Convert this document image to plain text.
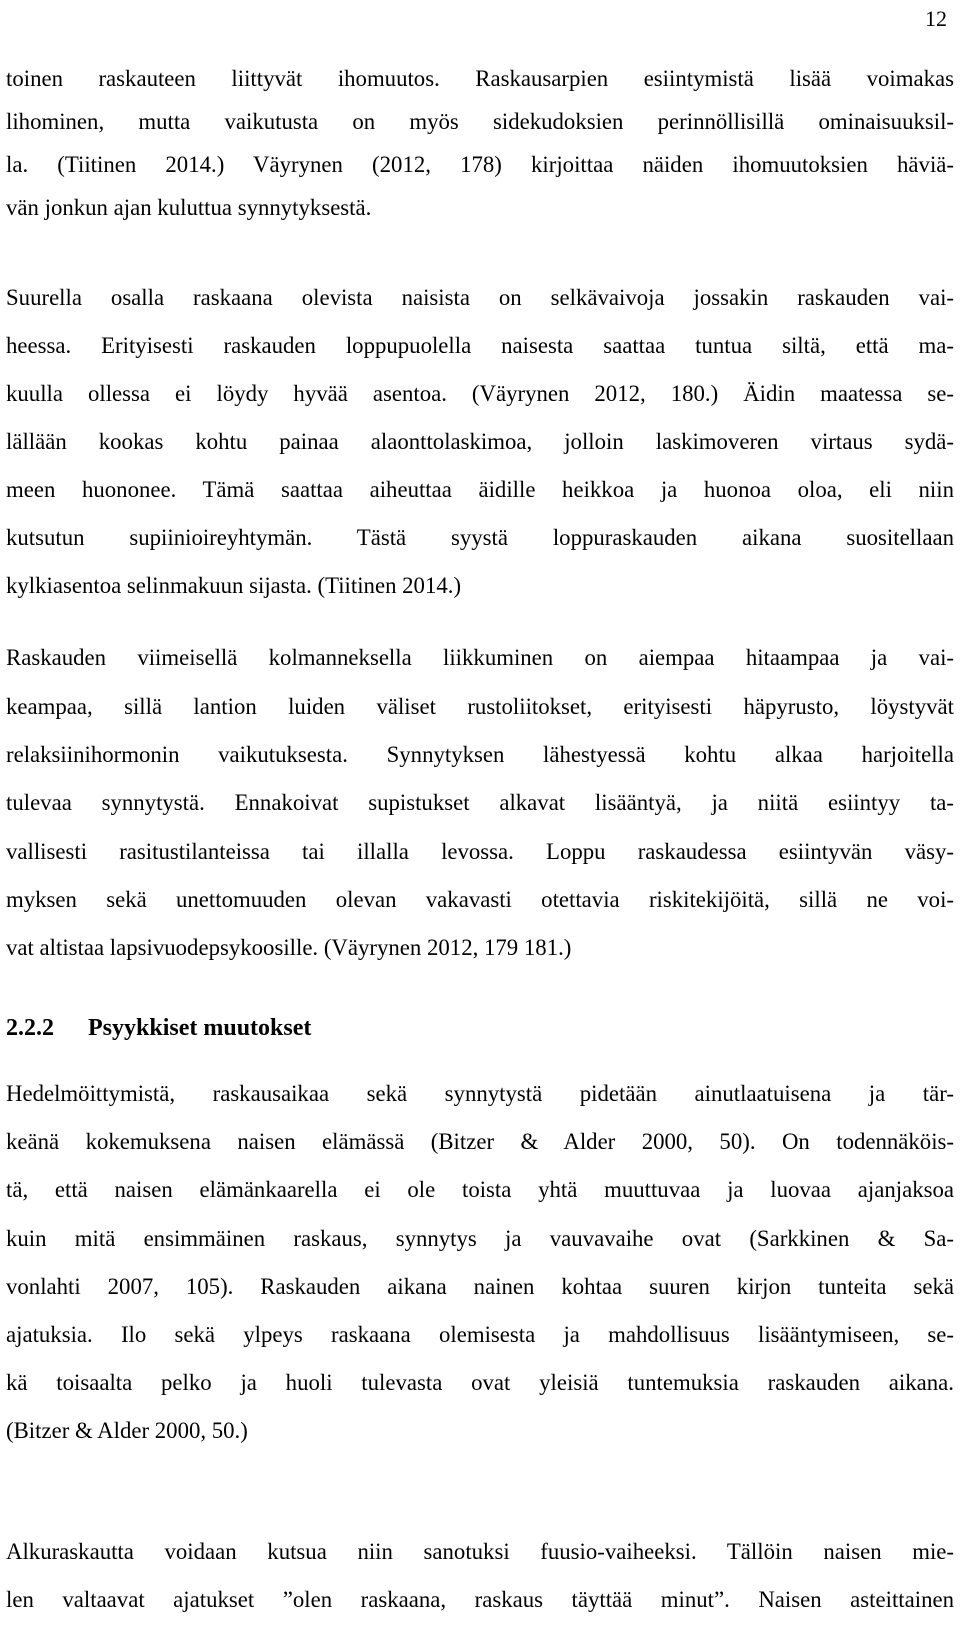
12
toinen raskauteen liittyvät ihomuutos. Raskausarpien esiintymistä lisää voimakas
lihominen, mutta vaikutusta on myös sidekudoksien perinnöllisillä ominaisuuksil-
la. (Tiitinen 2014.) Väyrynen (2012, 178) kirjoittaa näiden ihomuutoksien häviä-
vän jonkun ajan kuluttua synnytyksestä.
Suurella osalla raskaana olevista naisista on selkävaivoja jossakin raskauden vai-
heessa. Erityisesti raskauden loppupuolella naisesta saattaa tuntua siltä, että ma-
kuulla ollessa ei löydy hyvää asentoa. (Väyrynen 2012, 180.) Äidin maatessa se-
lällään kookas kohtu painaa alaonttolaskimoa, jolloin laskimoveren virtaus sydä-
meen huononee. Tämä saattaa aiheuttaa äidille heikkoa ja huonoa oloa, eli niin
kutsutun supiinioireyhtymän. Tästä syystä loppuraskauden aikana suositellaan
kylkiasentoa selinmakuun sijasta. (Tiitinen 2014.)
Raskauden viimeisellä kolmanneksella liikkuminen on aiempaa hitaampaa ja vai-
keampaa, sillä lantion luiden väliset rustoliitokset, erityisesti häpyrusto, löystyvät
relaksiinihormonin vaikutuksesta. Synnytyksen lähestyessä kohtu alkaa harjoitella
tulevaa synnytystä. Ennakoivat supistukset alkavat lisääntyä, ja niitä esiintyy ta-
vallisesti rasitustilanteissa tai illalla levossa. Loppu raskaudessa esiintyvän väsy-
myksen sekä unettomuuden olevan vakavasti otettavia riskitekijöitä, sillä ne voi-
vat altistaa lapsivuodepsykoosille. (Väyrynen 2012, 179 181.)
2.2.2 Psyykkiset muutokset
Hedelmöittymistä, raskausaikaa sekä synnytystä pidetään ainutlaatuisena ja tär-
keänä kokemuksena naisen elämässä (Bitzer & Alder 2000, 50). On todennäköis-
tä, että naisen elämänkaarella ei ole toista yhtä muuttuvaa ja luovaa ajanjaksoa
kuin mitä ensimmäinen raskaus, synnytys ja vauvavaihe ovat (Sarkkinen & Sa-
vonlahti 2007, 105). Raskauden aikana nainen kohtaa suuren kirjon tunteita sekä
ajatuksia. Ilo sekä ylpeys raskaana olemisesta ja mahdollisuus lisääntymiseen, se-
kä toisaalta pelko ja huoli tulevasta ovat yleisiä tuntemuksia raskauden aikana.
(Bitzer & Alder 2000, 50.)
Alkuraskautta voidaan kutsua niin sanotuksi fuusio-vaiheeksi. Tällöin naisen mie-
len valtaavat ajatukset ”olen raskaana, raskaus täyttää minut”. Naisen asteittainen
